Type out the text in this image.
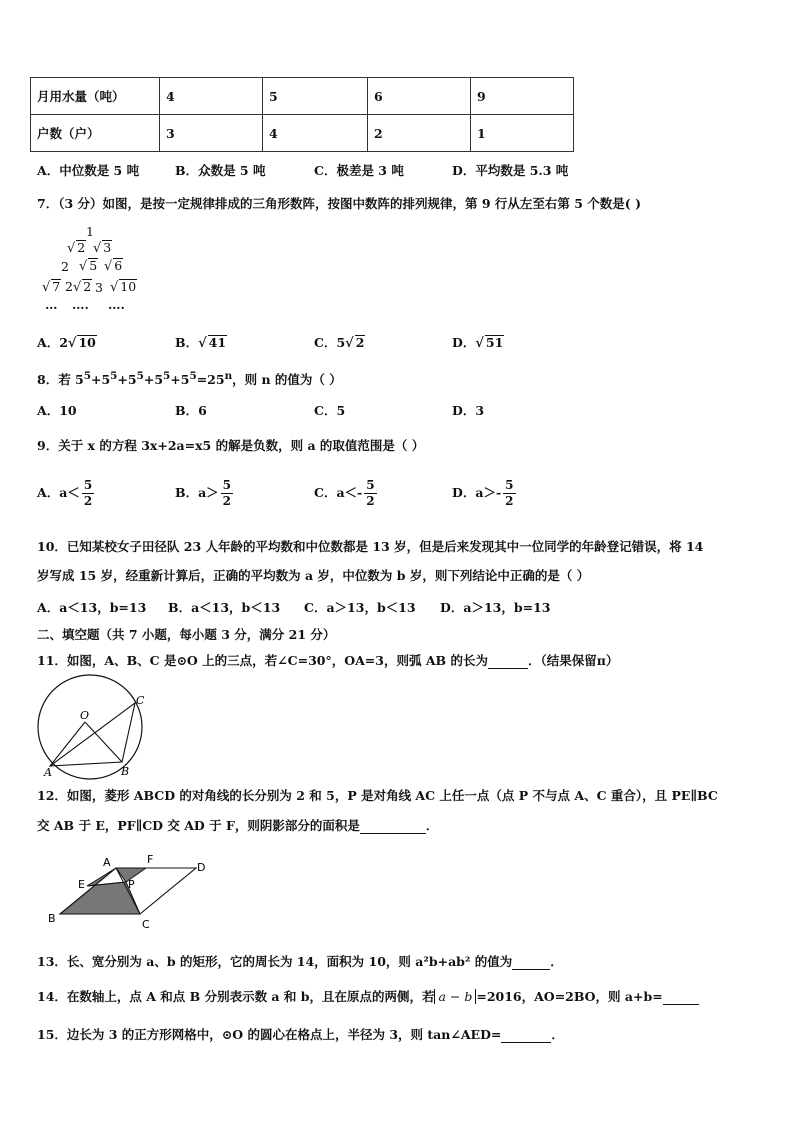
月用水量（吨）	4	5	6	9
户数（户）	3	4	2	1
A．中位数是 5 吨	B．众数是 5 吨	C．极差是 3 吨	D．平均数是 5.3 吨
7．（3 分）如图，是按一定规律排成的三角形数阵，按图中数阵的排列规律，第 9 行从左至右第 5 个数是( )
1
√ 2 √ 3
2 √ 5 √ 6
√ 7 2√ 2 3 √ 10
… …. ….
A．2√ 10	B．√ 41	C．5√ 2	D．√ 51
8．若 $5^5+5^5+5^5+5^5+5^5=25^n$，则 n 的值为（ ）
A．10	B．6	C．5	D．3
9．关于 x 的方程 3x+2a=x5 的解是负数，则 a 的取值范围是（ ）
A．$a< \frac{5}{2}$	B．$a> \frac{5}{2}$	C．$a<- \frac{5}{2}$	D．$a>- \frac{5}{2}$
10．已知某校女子田径队 23 人年龄的平均数和中位数都是 13 岁，但是后来发现其中一位同学的年龄登记错误，将 14
岁写成 15 岁，经重新计算后，正确的平均数为 a 岁，中位数为 b 岁，则下列结论中正确的是（ ）
A．a＜13，b=13 B．a＜13，b＜13 C．a＞13，b＜13 D．a＞13，b=13
二、填空题（共 7 小题，每小题 3 分，满分 21 分）
11．如图，A、B、C 是⊙O 上的三点，若∠C=30°，OA=3，则弧 AB 的长为	．（结果保留π）
O
A	B
C
12．如图，菱形 ABCD 的对角线的长分别为 2 和 5，P 是对角线 AC 上任一点（点 P 不与点 A、C 重合），且 PE∥BC
交 AB 于 E，PF∥CD 交 AD 于 F，则阴影部分的面积是	．
A	F
D
E	P
B	C
13．长、宽分别为 a、b 的矩形，它的周长为 14，面积为 10，则 a²b+ab² 的值为	．
14．在数轴上，点 A 和点 B 分别表示数 a 和 b，且在原点的两侧，若 a − b =2016，AO=2BO，则 a+b=
15．边长为 3 的正方形网格中，⊙O 的圆心在格点上，半径为 3，则 tan∠AED=	．
